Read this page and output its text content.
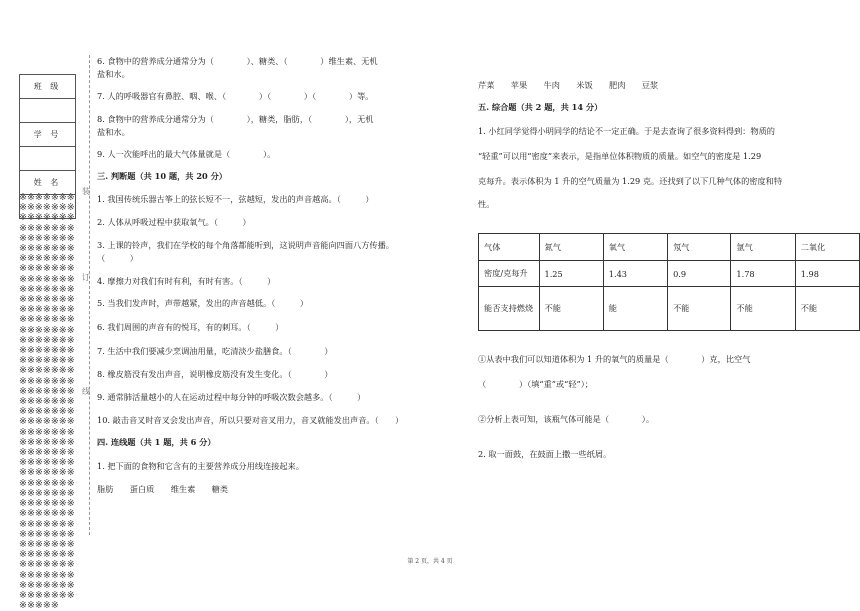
班 级

学 号

姓 名

※※※※※※※※※※※※※※※※※※※※※※※※※※※※※※※※※※※※※※※※※※※※※※※※※※※※※※※※※※※※※※※※※※※※※※※※※※※※※※※※※※※※※※※※※※※※※※※※※※※※※※※※※※※※※※※※※※※※※※※※※※※※※※※※※※※※※※※※※※※※※※※※※※※※※※※※※※※※※※※※※※※※※※※※※※※※※※※※※※※※※※※※※※※※※※※※※※※※※※※※※※※※※※※※※※※※※※※※※※※※※※※※※※※※※※※※※※※※※※※※※※※※※※※※※※※※※※※※※※※※※※※※※※※※※※※※※※※※※※※※※※※※※
装
订
线
6. 食物中的营养成分通常分为（　　　　）、糖类、（　　　　）维生素、无机
盐和水。
7. 人的呼吸器官有鼻腔、咽、喉、（　　　　）（　　　　）（　　　　）等。
8. 食物中的营养成分通常分为（　　　　），糖类，脂肪，（　　　　），无机
盐和水。
9. 人一次能呼出的最大气体量就是（　　　　）。
三. 判断题（共 10 题，共 20 分）
1. 我国传统乐器古筝上的弦长短不一，弦越短，发出的声音越高。（　　　）
2. 人体从呼吸过程中获取氧气。（　　　）
3. 上课的铃声，我们在学校的每个角落都能听到，这说明声音能向四面八方传播。
（　　　）
4. 摩擦力对我们有时有利，有时有害。（　　　）
5. 当我们发声时，声带越紧，发出的声音越低。（　　　）
6. 我们周围的声音有的悦耳，有的刺耳。（　　　）
7. 生活中我们要减少烹调油用量，吃清淡少盐膳食。（　　　　）
8. 橡皮筋没有发出声音，说明橡皮筋没有发生变化。（　　　　）
9. 通常肺活量越小的人在运动过程中每分钟的呼吸次数会越多。（　　　）
10. 敲击音叉时音叉会发出声音，所以只要对音叉用力，音叉就能发出声音。（　　）
四. 连线题（共 1 题，共 6 分）
1. 把下面的食物和它含有的主要营养成分用线连接起来。
脂肪　　蛋白质　　维生素　　糖类
芹菜　　苹果　　牛肉　　米饭　　肥肉　　豆浆
五. 综合题（共 2 题，共 14 分）
1. 小红同学觉得小明同学的结论不一定正确。于是去查询了很多资料得到：物质的
“轻重”可以用“密度”来表示，是指单位体积物质的质量。如空气的密度是 1.29
克每升。表示体积为 1 升的空气质量为 1.29 克。还找到了以下几种气体的密度和特
性。
气体	氮气	氧气	氖气	氩气	二氧化
密度/克每升	1.25	1.43	0.9	1.78	1.98
能否支持燃烧	不能	能	不能	不能	不能
①从表中我们可以知道体积为 1 升的氧气的质量是（　　　　）克，比空气
（　　　　）（填“重”或“轻”）；
②分析上表可知，该瓶气体可能是（　　　　）。
2. 取一面鼓，在鼓面上撒一些纸屑。
第 2 页，共 4 页
